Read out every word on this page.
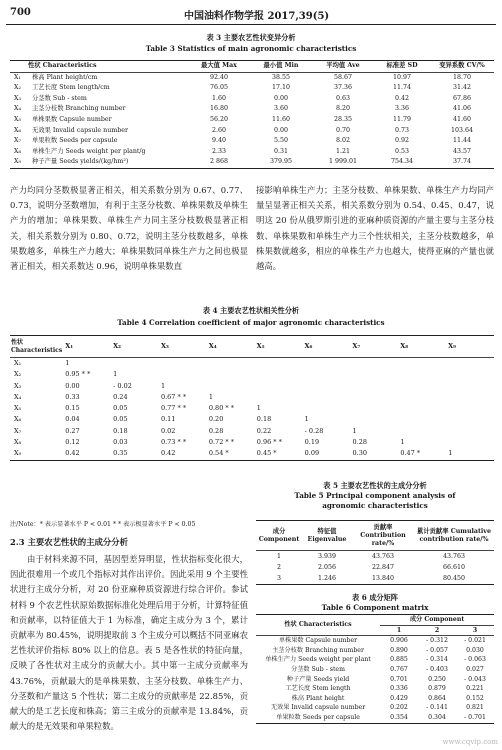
700	中国油料作物学报 2017,39(5)
表 3 主要农艺性状变异分析
Table 3 Statistics of main agronomic characteristics
性状 Characteristics		最大值 Max	最小值 Min	平均值 Ave	标准差 SD	变异系数 CV/%
X₁	株高 Plant height/cm	92.40	38.55	58.67	10.97	18.70
X₂	工艺长度 Stem length/cm	76.05	17.10	37.36	11.74	31.42
X₃	分茎数 Sub - stem	1.60	0.00	0.63	0.42	67.86
X₄	主茎分枝数 Branching number	16.80	3.60	8.20	3.36	41.06
X₅	单株果数 Capsule number	56.20	11.60	28.35	11.79	41.60
X₆	无效果 Invalid capsule number	2.60	0.00	0.70	0.73	103.64
X₇	单果粒数 Seeds per capsule	9.40	5.50	8.02	0.92	11.44
X₈	单株生产力 Seeds weight per plant/g	2.33	0.31	1.21	0.53	43.57
X₉	种子产量 Seeds yields/(kg/hm²)	2 868	379.95	1 999.01	754.34	37.74
产力均同分茎数极显著正相关，相关系数分别为 0.67、0.77、0.73，说明分茎数增加，有利于主茎分枝数、单株果数及单株生产力的增加；单株果数、单株生产力同主茎分枝数极显著正相关，相关系数分别为 0.80、0.72，说明主茎分枝数越多，单株果数越多，单株生产力越大；单株果数同单株生产力之间也极显著正相关，相关系数达 0.96，说明单株果数直
接影响单株生产力；主茎分枝数、单株果数、单株生产力均同产量呈显著正相关关系，相关系数分别为 0.54、0.45、0.47，说明这 20 份从俄罗斯引进的亚麻种质资源的产量主要与主茎分枝数、单株果数和单株生产力三个性状相关，主茎分枝数越多，单株果数就越多，相应的单株生产力也越大，使得亚麻的产量也就越高。
表 4 主要农艺性状相关性分析
Table 4 Correlation coefficient of major agronomic characteristics
性状 Characteristics	
X₁	X₂	X₃	X₄	X₅	X₆	X₇	X₈	X₉

X₁	1								
X₂	0.95 * *	1							
X₃	0.00	- 0.02	1						
X₄	0.33	0.24	0.67 * *	1					
X₅	0.15	0.05	0.77 * *	0.80 * *	1				
X₆	0.04	0.05	0.11	0.20	0.18	1			
X₇	0.27	0.18	0.02	0.28	0.22	- 0.28	1		
X₈	0.12	0.03	0.73 * *	0.72 * *	0.96 * *	0.19	0.28	1	
X₉	0.42	0.35	0.42	0.54 *	0.45 *	0.09	0.30	0.47 *	1
注/Note：* 表示显著水平 P < 0.01 * * 表示极显著水平 P < 0.05
2.3 主要农艺性状的主成分分析
由于材料来源不同，基因型差异明显，性状指标变化很大，因此很难用一个或几个指标对其作出评价。因此采用 9 个主要性状进行主成分分析，对 20 份亚麻种质资源进行综合评价。参试材料 9 个农艺性状原始数据标准化处理后用于分析，计算特征值和贡献率，以特征值大于 1 为标准，确定主成分为 3 个，累计贡献率为 80.45%，说明提取前 3 个主成分可以概括不同亚麻农艺性状评价指标 80% 以上的信息。表 5 是各性状的特征向量，反映了各性状对主成分的贡献大小。其中第一主成分贡献率为 43.76%，贡献最大的是单株果数、主茎分枝数、单株生产力、分茎数和产量这 5 个性状；第二主成分的贡献率是 22.85%，贡献大的是工艺长度和株高；第三主成分的贡献率是 13.84%，贡献大的是无效果和单果粒数。
表 5 主要农艺性状的主成分分析
Table 5 Principal component analysis of
agronomic characteristics
成分 Component	特征值 Eigenvalue	贡献率 Contribution rate/%	累计贡献率 Cumulative contribution rate/%
1	3.939	43.763	43.763
2	2.056	22.847	66.610
3	1.246	13.840	80.450
表 6 成分矩阵
Table 6 Component matrix
性状 Characteristics	成分 Component		
	1	2	3
单株果数 Capsule number	0.906	- 0.312	- 0.021
主茎分枝数 Branching number	0.890	- 0.057	0.030
单株生产力 Seeds weight per plant	0.885	- 0.314	- 0.063
分茎数 Sub - stem	0.767	- 0.403	0.027
种子产量 Seeds yield	0.701	0.250	- 0.043
工艺长度 Stem length	0.336	0.879	0.221
株高 Plant height	0.429	0.864	0.152
无效果 Invalid capsule number	0.202	- 0.141	0.821
单果粒数 Seeds per capsule	0.354	0.304	- 0.701
www.cqvip.com
